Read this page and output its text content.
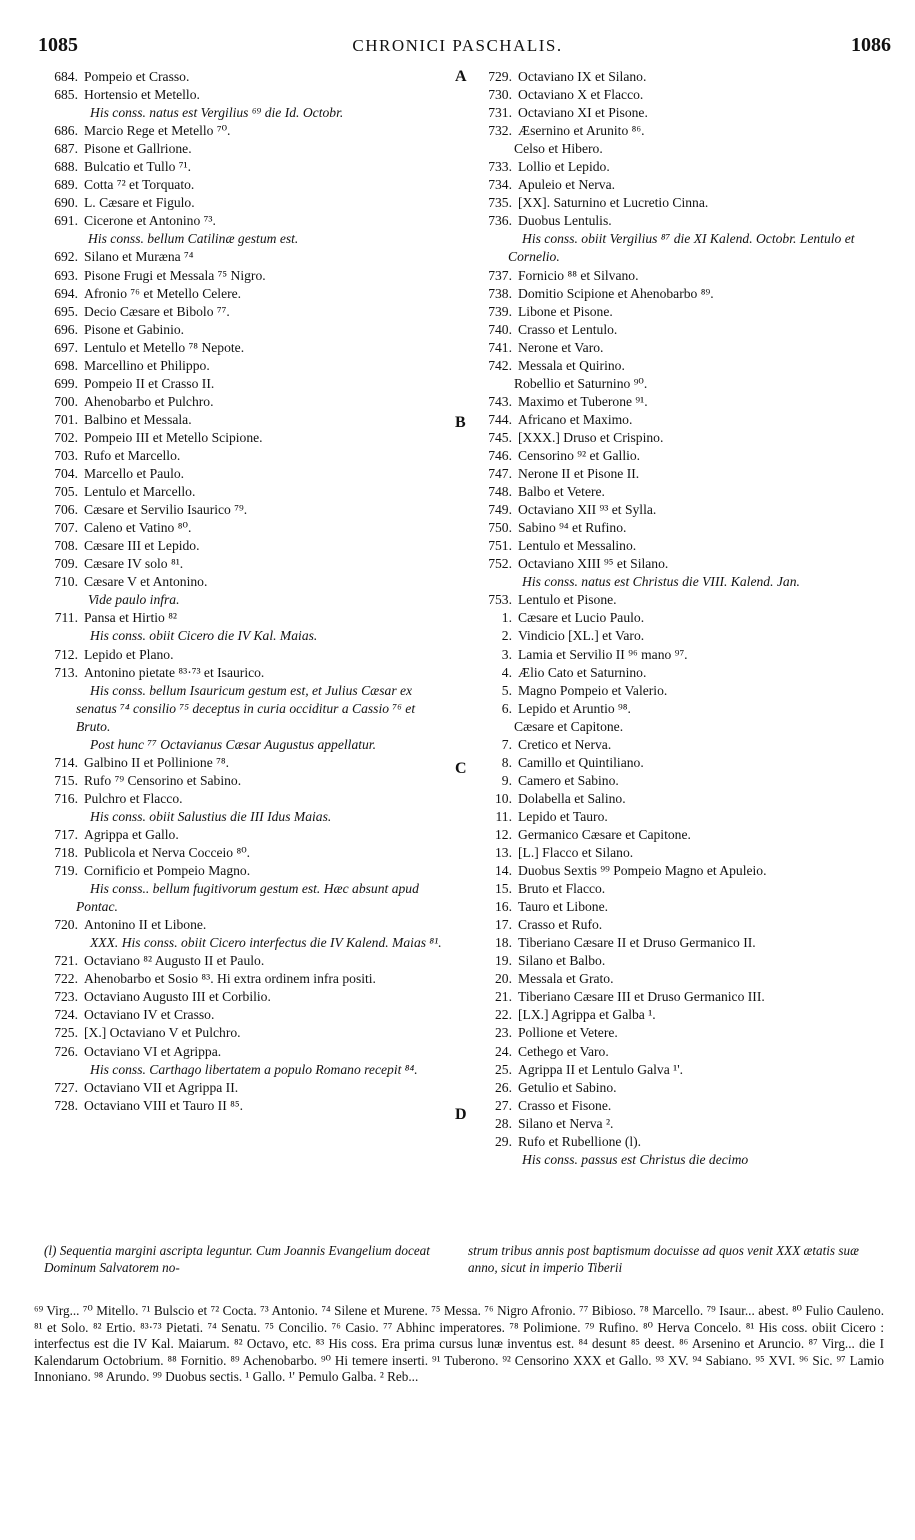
1085	CHRONICI PASCHALIS.	1086
684. Pompeio et Crasso.
685. Hortensio et Metello.
His conss. natus est Vergilius ⁶⁹ die Id. Octobr.
686. Marcio Rege et Metello ⁷⁰.
687. Pisone et Gallrione.
688. Bulcatio et Tullo ⁷¹.
689. Cotta ⁷² et Torquato.
690. L. Cæsare et Figulo.
691. Cicerone et Antonino ⁷³.
His conss. bellum Catilinæ gestum est.
692. Silano et Muræna ⁷⁴
693. Pisone Frugi et Messala ⁷⁵ Nigro.
694. Afronio ⁷⁶ et Metello Celere.
695. Decio Cæsare et Bibolo ⁷⁷.
696. Pisone et Gabinio.
697. Lentulo et Metello ⁷⁸ Nepote.
698. Marcellino et Philippo.
699. Pompeio II et Crasso II.
700. Ahenobarbo et Pulchro.
701. Balbino et Messala.
702. Pompeio III et Metello Scipione.
703. Rufo et Marcello.
704. Marcello et Paulo.
705. Lentulo et Marcello.
706. Cæsare et Servilio Isaurico ⁷⁹.
707. Caleno et Vatino ⁸⁰.
708. Cæsare III et Lepido.
709. Cæsare IV solo ⁸¹.
710. Cæsare V et Antonino.
Vide paulo infra.
711. Pansa et Hirtio ⁸²
His conss. obiit Cicero die IV Kal. Maias.
712. Lepido et Plano.
713. Antonino pietate ⁸³·⁷³ et Isaurico.
His conss. bellum Isauricum gestum est, et Julius Cæsar ex senatus ⁷⁴ consilio ⁷⁵ deceptus in curia occiditur a Cassio ⁷⁶ et Bruto.
Post hunc ⁷⁷ Octavianus Cæsar Augustus appellatur.
714. Galbino II et Pollinione ⁷⁸.
715. Rufo ⁷⁹ Censorino et Sabino.
716. Pulchro et Flacco.
His conss. obiit Salustius die III Idus Maias.
717. Agrippa et Gallo.
718. Publicola et Nerva Cocceio ⁸⁰.
719. Cornificio et Pompeio Magno.
His conss.. bellum fugitivorum gestum est. Hæc absunt apud Pontac.
720. Antonino II et Libone.
XXX. His conss. obiit Cicero interfectus die IV Kalend. Maias ⁸¹.
721. Octaviano ⁸² Augusto II et Paulo.
722. Ahenobarbo et Sosio ⁸³. Hi extra ordinem infra positi.
723. Octaviano Augusto III et Corbilio.
724. Octaviano IV et Crasso.
725. [X.] Octaviano V et Pulchro.
726. Octaviano VI et Agrippa.
His conss. Carthago libertatem a populo Romano recepit ⁸⁴.
727. Octaviano VII et Agrippa II.
728. Octaviano VIII et Tauro II ⁸⁵.
729. Octaviano IX et Silano.
730. Octaviano X et Flacco.
731. Octaviano XI et Pisone.
732. Æsernino et Arunito ⁸⁶.
Celso et Hibero.
733. Lollio et Lepido.
734. Apuleio et Nerva.
735. [XX]. Saturnino et Lucretio Cinna.
736. Duobus Lentulis.
His conss. obiit Vergilius ⁸⁷ die XI Kalend. Octobr. Lentulo et Cornelio.
737. Fornicio ⁸⁸ et Silvano.
738. Domitio Scipione et Ahenobarbo ⁸⁹.
739. Libone et Pisone.
740. Crasso et Lentulo.
741. Nerone et Varo.
742. Messala et Quirino.
Robellio et Saturnino ⁹⁰.
743. Maximo et Tuberone ⁹¹.
744. Africano et Maximo.
745. [XXX.] Druso et Crispino.
746. Censorino ⁹² et Gallio.
747. Nerone II et Pisone II.
748. Balbo et Vetere.
749. Octaviano XII ⁹³ et Sylla.
750. Sabino ⁹⁴ et Rufino.
751. Lentulo et Messalino.
752. Octaviano XIII ⁹⁵ et Silano.
His conss. natus est Christus die VIII. Kalend. Jan.
753. Lentulo et Pisone.
1. Cæsare et Lucio Paulo.
2. Vindicio [XL.] et Varo.
3. Lamia et Servilio II ⁹⁶ mano ⁹⁷.
4. Ælio Cato et Saturnino.
5. Magno Pompeio et Valerio.
6. Lepido et Aruntio ⁹⁸.
Cæsare et Capitone.
7. Cretico et Nerva.
8. Camillo et Quintiliano.
9. Camero et Sabino.
10. Dolabella et Salino.
11. Lepido et Tauro.
12. Germanico Cæsare et Capitone.
13. [L.] Flacco et Silano.
14. Duobus Sextis ⁹⁹ Pompeio Magno et Apuleio.
15. Bruto et Flacco.
16. Tauro et Libone.
17. Crasso et Rufo.
18. Tiberiano Cæsare II et Druso Germanico II.
19. Silano et Balbo.
20. Messala et Grato.
21. Tiberiano Cæsare III et Druso Germanico III.
22. [LX.] Agrippa et Galba ¹.
23. Pollione et Vetere.
24. Cethego et Varo.
25. Agrippa II et Lentulo Galva ¹'.
26. Getulio et Sabino.
27. Crasso et Fisone.
28. Silano et Nerva ².
29. Rufo et Rubellione (l).
His conss. passus est Christus die decimo
A
B
C
D
(l) Sequentia margini ascripta leguntur. Cum Joannis Evangelium doceat Dominum Salvatorem no-
strum tribus annis post baptismum docuisse ad quos venit XXX ætatis suæ anno, sicut in imperio Tiberii
⁶⁹ Virg... ⁷⁰ Mitello. ⁷¹ Bulscio et ⁷² Cocta. ⁷³ Antonio. ⁷⁴ Silene et Murene. ⁷⁵ Messa. ⁷⁶ Nigro Afronio. ⁷⁷ Bibioso. ⁷⁸ Marcello. ⁷⁹ Isaur... abest. ⁸⁰ Fulio Cauleno. ⁸¹ et Solo. ⁸² Ertio. ⁸³·⁷³ Pietati. ⁷⁴ Senatu. ⁷⁵ Concilio. ⁷⁶ Casio. ⁷⁷ Abhinc imperatores. ⁷⁸ Polimione. ⁷⁹ Rufino. ⁸⁰ Herva Concelo. ⁸¹ His coss. obiit Cicero : interfectus est die IV Kal. Maiarum. ⁸² Octavo, etc. ⁸³ His coss. Era prima cursus lunæ inventus est. ⁸⁴ desunt ⁸⁵ deest. ⁸⁶ Arsenino et Aruncio. ⁸⁷ Virg... die I Kalendarum Octobrium. ⁸⁸ Fornitio. ⁸⁹ Achenobarbo. ⁹⁰ Hi temere inserti. ⁹¹ Tuberono. ⁹² Censorino XXX et Gallo. ⁹³ XV. ⁹⁴ Sabiano. ⁹⁵ XVI. ⁹⁶ Sic. ⁹⁷ Lamio Innoniano. ⁹⁸ Arundo. ⁹⁹ Duobus sectis. ¹ Gallo. ¹' Pemulo Galba. ² Reb...
